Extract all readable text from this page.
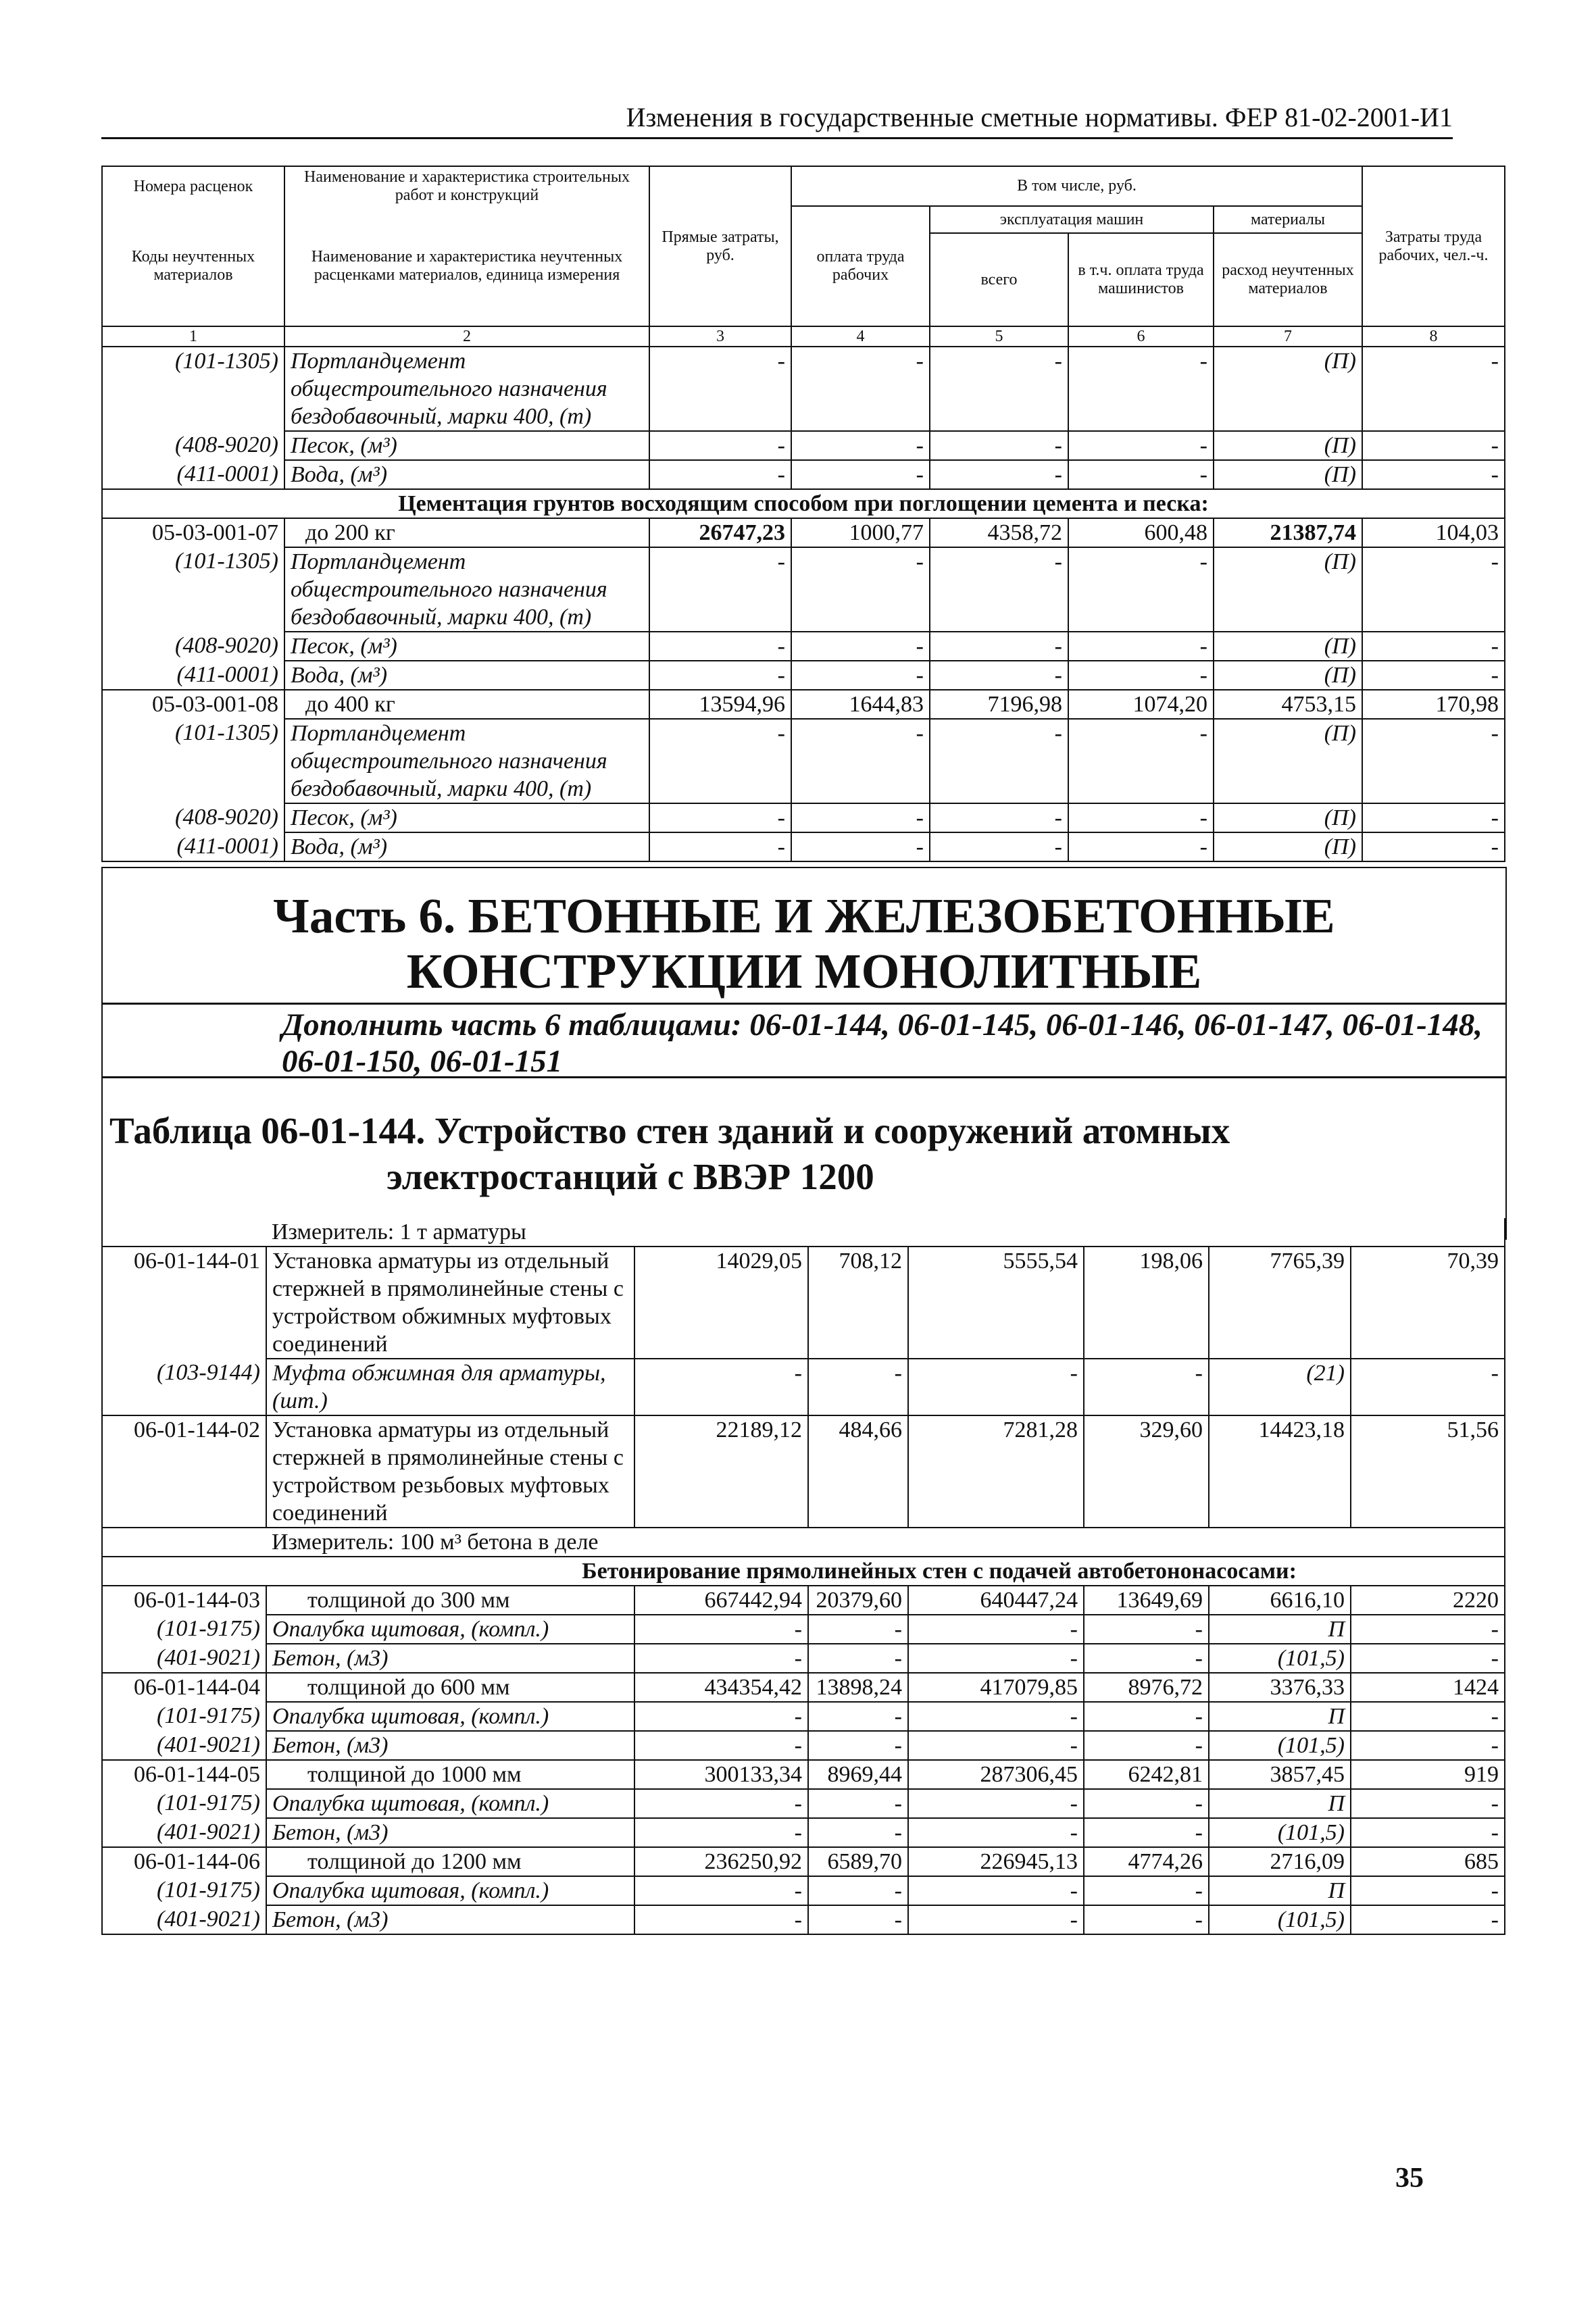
Изменения в государственные сметные нормативы. ФЕР 81-02-2001-И1
Номера расценок	Наименование и характеристика строительных работ и конструкций	Прямые затраты, руб.	В том числе, руб.				Затраты труда рабочих, чел.-ч.
Коды неучтенных материалов	Наименование и характеристика неучтенных расценками материалов, единица измерения		оплата труда рабочих	эксплуатация машин		материалы	
				всего	в т.ч. оплата труда машинистов	расход неучтенных материалов	
1	2	3	4	5	6	7	8
(101-1305)	Портландцемент общестроительного назначения бездобавочный, марки 400, (т)	-	-	-	-	(П)	-
(408-9020)	Песок, (м³)	-	-	-	-	(П)	-
(411-0001)	Вода, (м³)	-	-	-	-	(П)	-
Цементация грунтов восходящим способом при поглощении цемента и песка:							
05-03-001-07	до 200 кг	26747,23	1000,77	4358,72	600,48	21387,74	104,03
(101-1305)	Портландцемент общестроительного назначения бездобавочный, марки 400, (т)	-	-	-	-	(П)	-
(408-9020)	Песок, (м³)	-	-	-	-	(П)	-
(411-0001)	Вода, (м³)	-	-	-	-	(П)	-
05-03-001-08	до 400 кг	13594,96	1644,83	7196,98	1074,20	4753,15	170,98
(101-1305)	Портландцемент общестроительного назначения бездобавочный, марки 400, (т)	-	-	-	-	(П)	-
(408-9020)	Песок, (м³)	-	-	-	-	(П)	-
(411-0001)	Вода, (м³)	-	-	-	-	(П)	-
Часть 6. БЕТОННЫЕ И ЖЕЛЕЗОБЕТОННЫЕ КОНСТРУКЦИИ МОНОЛИТНЫЕ
Дополнить часть 6 таблицами: 06-01-144, 06-01-145, 06-01-146, 06-01-147, 06-01-148, 06-01-150, 06-01-151
Таблица 06-01-144. Устройство стен зданий и сооружений атомных
электростанций с ВВЭР 1200
	Измеритель: 1 т арматуры						
06-01-144-01	Установка арматуры из отдельный стержней в прямолинейные стены с устройством обжимных муфтовых соединений	14029,05	708,12	5555,54	198,06	7765,39	70,39
(103-9144)	Муфта обжимная для арматуры, (шт.)	-	-	-	-	(21)	-
06-01-144-02	Установка арматуры из отдельный стержней в прямолинейные стены с устройством резьбовых муфтовых соединений	22189,12	484,66	7281,28	329,60	14423,18	51,56
	Измеритель: 100 м³ бетона в деле						
Бетонирование прямолинейных стен с подачей автобетононасосами:							
06-01-144-03	толщиной до 300 мм	667442,94	20379,60	640447,24	13649,69	6616,10	2220
(101-9175)	Опалубка щитовая, (компл.)	-	-	-	-	П	-
(401-9021)	Бетон, (м3)	-	-	-	-	(101,5)	-
06-01-144-04	толщиной до 600 мм	434354,42	13898,24	417079,85	8976,72	3376,33	1424
(101-9175)	Опалубка щитовая, (компл.)	-	-	-	-	П	-
(401-9021)	Бетон, (м3)	-	-	-	-	(101,5)	-
06-01-144-05	толщиной до 1000 мм	300133,34	8969,44	287306,45	6242,81	3857,45	919
(101-9175)	Опалубка щитовая, (компл.)	-	-	-	-	П	-
(401-9021)	Бетон, (м3)	-	-	-	-	(101,5)	-
06-01-144-06	толщиной до 1200 мм	236250,92	6589,70	226945,13	4774,26	2716,09	685
(101-9175)	Опалубка щитовая, (компл.)	-	-	-	-	П	-
(401-9021)	Бетон, (м3)	-	-	-	-	(101,5)	-
35
